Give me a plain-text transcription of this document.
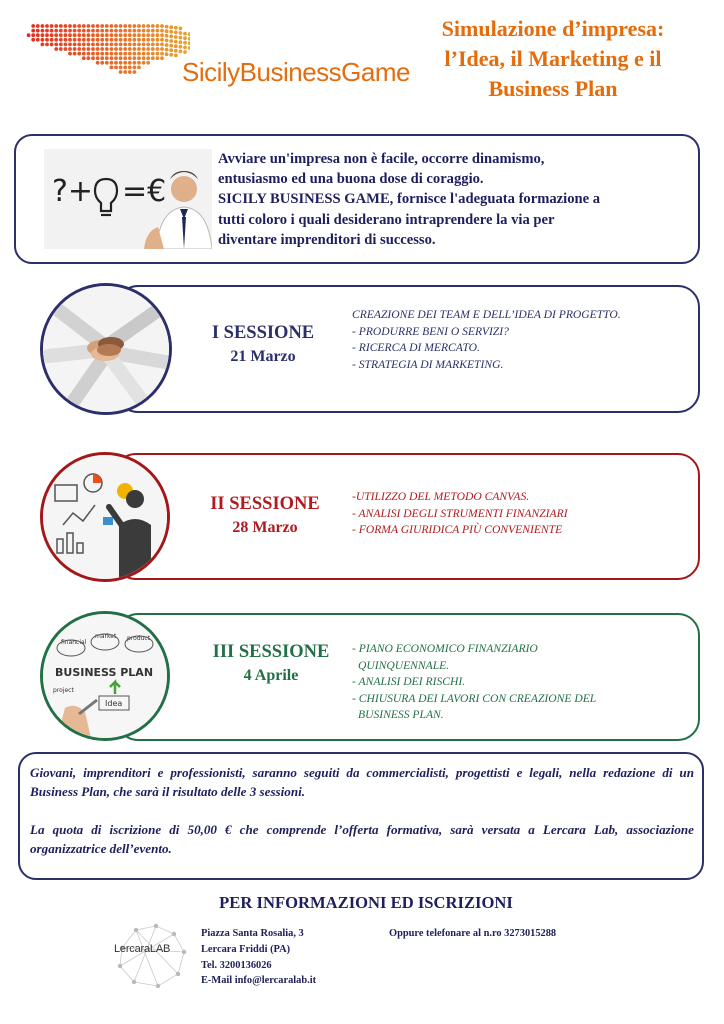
SicilyBusinessGame
Simulazione d’impresa:
l’Idea, il Marketing e il
Business Plan
?+ =€
Avviare un'impresa non è facile, occorre dinamismo,
entusiasmo ed una buona dose di coraggio.
SICILY BUSINESS GAME, fornisce l'adeguata formazione a
tutti coloro i quali desiderano intraprendere la via per
diventare imprenditori di successo.
I SESSIONE
21 Marzo
CREAZIONE DEI TEAM E DELL’IDEA DI PROGETTO.
- PRODURRE BENI O SERVIZI?
- RICERCA DI MERCATO.
- STRATEGIA DI MARKETING.
II SESSIONE
28 Marzo
-UTILIZZO DEL METODO CANVAS.
- ANALISI DEGLI STRUMENTI FINANZIARI
- FORMA GIURIDICA PIÙ CONVENIENTE
financial
market product
BUSINESS PLAN
project
Idea
III SESSIONE
4 Aprile
- PIANO ECONOMICO FINANZIARIO
QUINQUENNALE.
- ANALISI DEI RISCHI.
- CHIUSURA DEI LAVORI CON CREAZIONE DEL
BUSINESS PLAN.

Giovani, imprenditori e professionisti, saranno seguiti da commercialisti, progettisti e legali, nella redazione di un Business Plan, che sarà il risultato delle 3 sessioni.

La quota di iscrizione di 50,00 € che comprende l’offerta formativa, sarà versata a Lercara Lab, associazione organizzatrice dell’evento.

PER INFORMAZIONI ED ISCRIZIONI
LercaraLAB
Piazza Santa Rosalia, 3
Lercara Friddi (PA)
Tel. 3200136026
E-Mail info@lercaralab.it
Oppure telefonare al n.ro 3273015288
